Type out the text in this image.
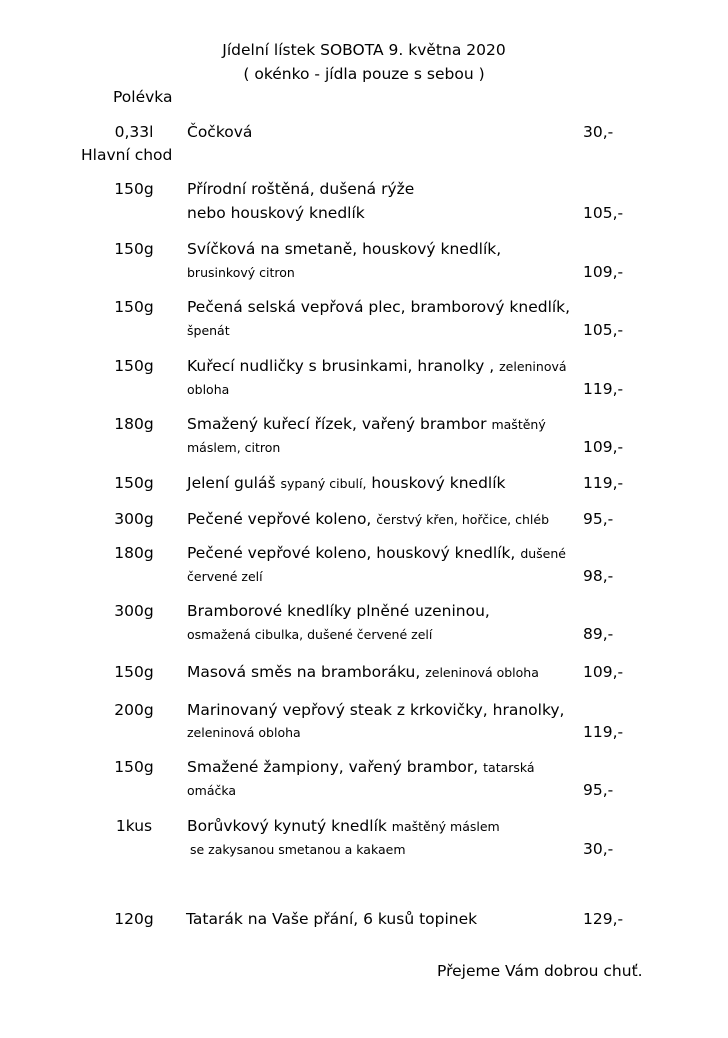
Jídelní lístek SOBOTA 9. května 2020
( okénko - jídla pouze s sebou )
Polévka
0,33l	Čočková	30,-
Hlavní chod
150g	Přírodní roštěná, dušená rýže
nebo houskový knedlík	105,-
150g	Svíčková na smetaně, houskový knedlík,
brusinkový citron	109,-
150g	Pečená selská vepřová plec, bramborový knedlík,
špenát	105,-
150g	Kuřecí nudličky s brusinkami, hranolky , zeleninová
obloha	119,-
180g	Smažený kuřecí řízek, vařený brambor maštěný
máslem, citron	109,-
150g	Jelení guláš sypaný cibulí, houskový knedlík	119,-
300g	Pečené vepřové koleno, čerstvý křen, hořčice, chléb 95,-
180g	Pečené vepřové koleno, houskový knedlík, dušené
červené zelí	98,-
300g	Bramborové knedlíky plněné uzeninou,
osmažená cibulka, dušené červené zelí	89,-
150g	Masová směs na bramboráku, zeleninová obloha	109,-
200g	Marinovaný vepřový steak z krkovičky, hranolky,
zeleninová obloha	119,-
150g	Smažené žampiony, vařený brambor, tatarská
omáčka	95,-
1kus	Borůvkový kynutý knedlík maštěný máslem
se zakysanou smetanou a kakaem	30,-
120g	Tatarák na Vaše přání, 6 kusů topinek	129,-
Přejeme Vám dobrou chuť.
